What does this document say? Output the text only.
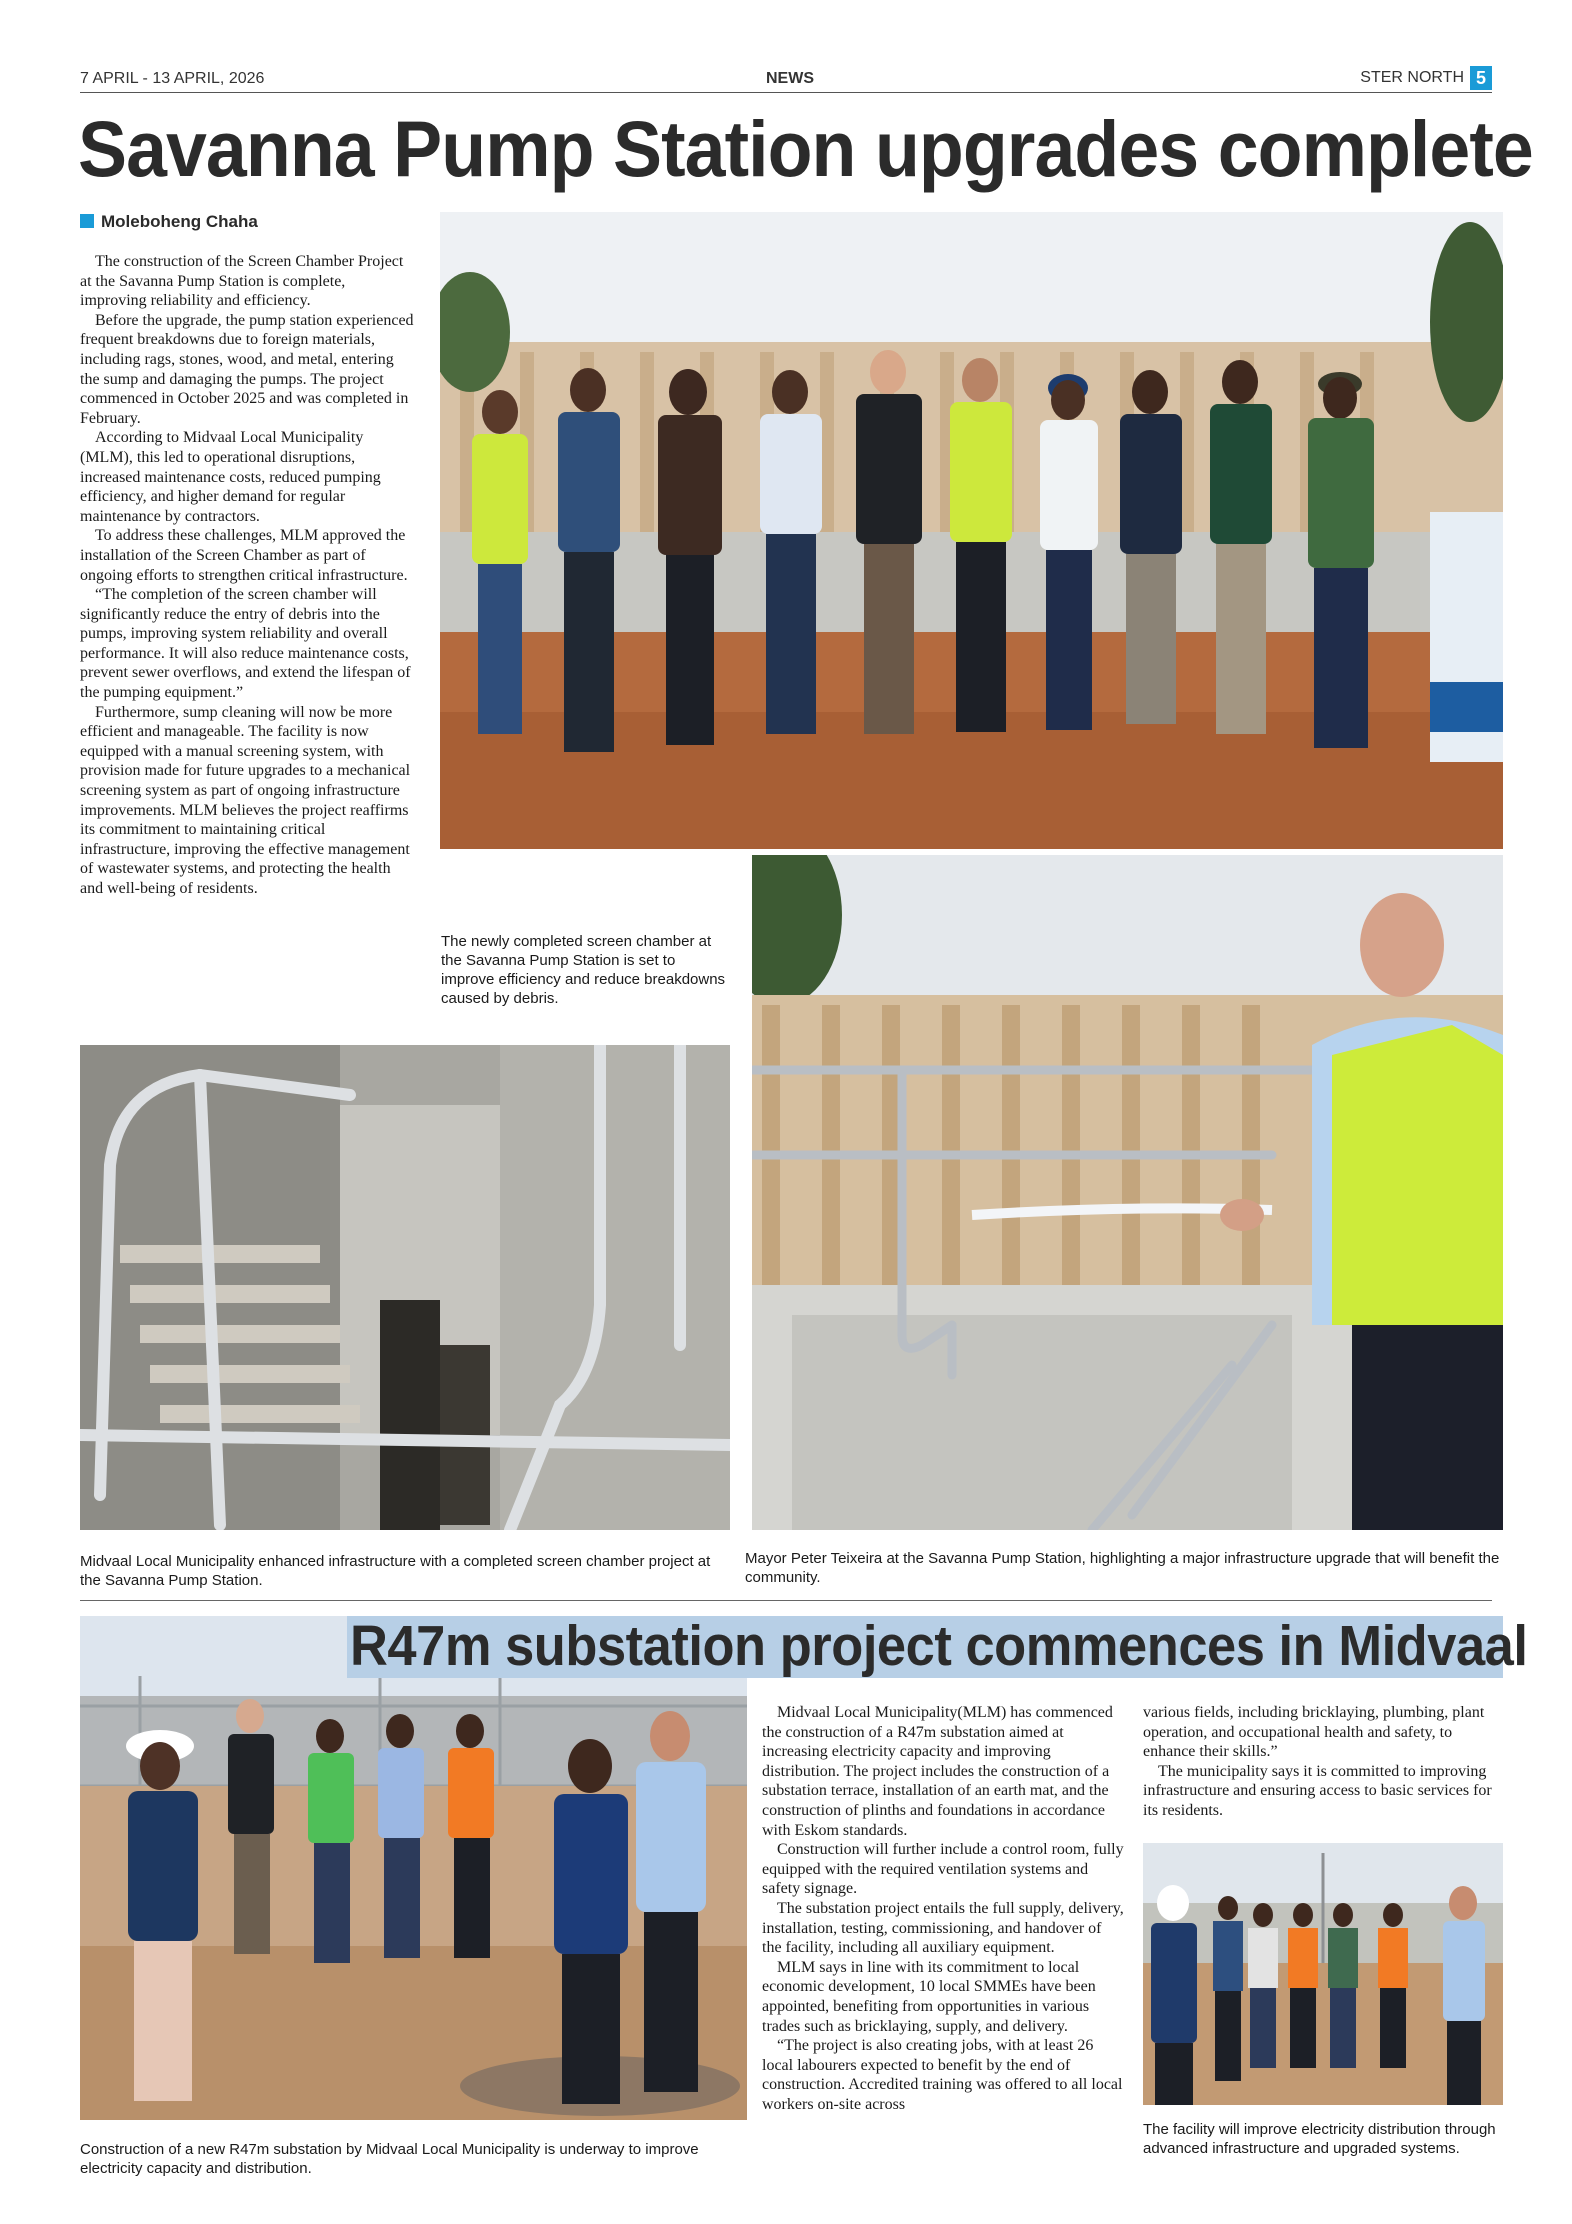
7 APRIL - 13 APRIL, 2026	NEWS	STER NORTH 5
Savanna Pump Station upgrades complete
Moleboheng Chaha

The construction of the Screen Chamber Project at the Savanna Pump Station is complete, improving reliability and efficiency.

Before the upgrade, the pump station experienced frequent breakdowns due to foreign materials, including rags, stones, wood, and metal, entering the sump and damaging the pumps. The project commenced in October 2025 and was completed in February.

According to Midvaal Local Municipality (MLM), this led to operational disruptions, increased maintenance costs, reduced pumping efficiency, and higher demand for regular maintenance by contractors.

To address these challenges, MLM approved the installation of the Screen Chamber as part of ongoing efforts to strengthen critical infrastructure.

“The completion of the screen chamber will significantly reduce the entry of debris into the pumps, improving system reliability and overall performance. It will also reduce maintenance costs, prevent sewer overflows, and extend the lifespan of the pumping equipment.”

Furthermore, sump cleaning will now be more efficient and manageable. The facility is now equipped with a manual screening system, with provision made for future upgrades to a mechanical screening system as part of ongoing infrastructure improvements. MLM believes the project reaffirms its commitment to maintaining critical infrastructure, improving the effective management of wastewater systems, and protecting the health and well-being of residents.

The newly completed screen chamber at the Savanna Pump Station is set to improve efficiency and reduce breakdowns caused by debris.
Midvaal Local Municipality enhanced infrastructure with a completed screen chamber project at the Savanna Pump Station.
Mayor Peter Teixeira at the Savanna Pump Station, highlighting a major infrastructure upgrade that will benefit the community.
R47m substation project commences in Midvaal
Construction of a new R47m substation by Midvaal Local Municipality is underway to improve electricity capacity and distribution.

Midvaal Local Municipality(MLM) has commenced the construction of a R47m substation aimed at increasing electricity capacity and improving distribution. The project includes the construction of a substation terrace, installation of an earth mat, and the construction of plinths and foundations in accordance with Eskom standards.

Construction will further include a control room, fully equipped with the required ventilation systems and safety signage.

The substation project entails the full supply, delivery, installation, testing, commissioning, and handover of the facility, including all auxiliary equipment.

MLM says in line with its commitment to local economic development, 10 local SMMEs have been appointed, benefiting from opportunities in various trades such as bricklaying, supply, and delivery.

“The project is also creating jobs, with at least 26 local labourers expected to benefit by the end of construction. Accredited training was offered to all local workers on-site across

various fields, including bricklaying, plumbing, plant operation, and occupational health and safety, to enhance their skills.”

The municipality says it is committed to improving infrastructure and ensuring access to basic services for its residents.

The facility will improve electricity distribution through advanced infrastructure and upgraded systems.
